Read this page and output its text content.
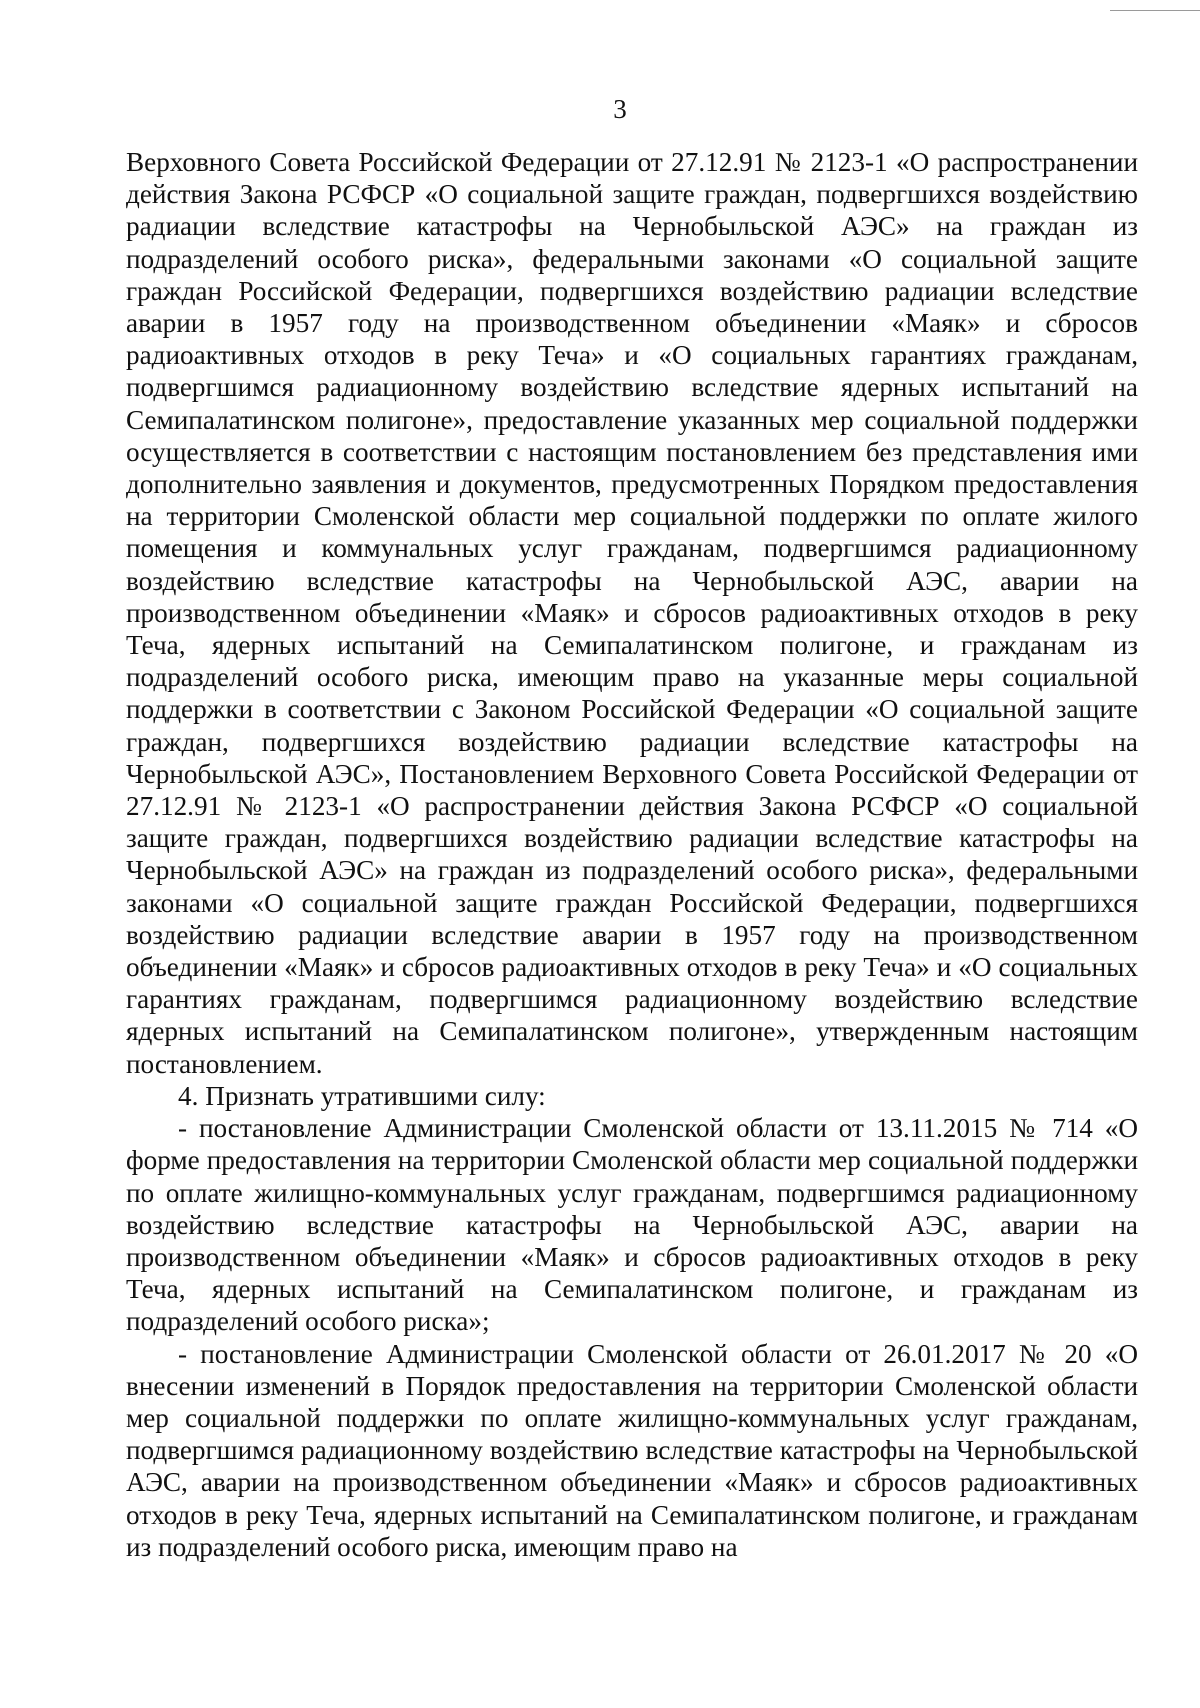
3

Верховного Совета Российской Федерации от 27.12.91 № 2123-1 «О распространении действия Закона РСФСР «О социальной защите граждан, подвергшихся воздействию радиации вследствие катастрофы на Чернобыльской АЭС» на граждан из подразделений особого риска», федеральными законами «О социальной защите граждан Российской Федерации, подвергшихся воздействию радиации вследствие аварии в 1957 году на производственном объединении «Маяк» и сбросов радиоактивных отходов в реку Теча» и «О социальных гарантиях гражданам, подвергшимся радиационному воздействию вследствие ядерных испытаний на Семипалатинском полигоне», предоставление указанных мер социальной поддержки осуществляется в соответствии с настоящим постановлением без представления ими дополнительно заявления и документов, предусмотренных Порядком предоставления на территории Смоленской области мер социальной поддержки по оплате жилого помещения и коммунальных услуг гражданам, подвергшимся радиационному воздействию вследствие катастрофы на Чернобыльской АЭС, аварии на производственном объединении «Маяк» и сбросов радиоактивных отходов в реку Теча, ядерных испытаний на Семипалатинском полигоне, и гражданам из подразделений особого риска, имеющим право на указанные меры социальной поддержки в соответствии с Законом Российской Федерации «О социальной защите граждан, подвергшихся воздействию радиации вследствие катастрофы на Чернобыльской АЭС», Постановлением Верховного Совета Российской Федерации от 27.12.91 № 2123-1 «О распространении действия Закона РСФСР «О социальной защите граждан, подвергшихся воздействию радиации вследствие катастрофы на Чернобыльской АЭС» на граждан из подразделений особого риска», федеральными законами «О социальной защите граждан Российской Федерации, подвергшихся воздействию радиации вследствие аварии в 1957 году на производственном объединении «Маяк» и сбросов радиоактивных отходов в реку Теча» и «О социальных гарантиях гражданам, подвергшимся радиационному воздействию вследствие ядерных испытаний на Семипалатинском полигоне», утвержденным настоящим постановлением.

4. Признать утратившими силу:

- постановление Администрации Смоленской области от 13.11.2015 № 714 «О форме предоставления на территории Смоленской области мер социальной поддержки по оплате жилищно-коммунальных услуг гражданам, подвергшимся радиационному воздействию вследствие катастрофы на Чернобыльской АЭС, аварии на производственном объединении «Маяк» и сбросов радиоактивных отходов в реку Теча, ядерных испытаний на Семипалатинском полигоне, и гражданам из подразделений особого риска»;

- постановление Администрации Смоленской области от 26.01.2017 № 20 «О внесении изменений в Порядок предоставления на территории Смоленской области мер социальной поддержки по оплате жилищно-коммунальных услуг гражданам, подвергшимся радиационному воздействию вследствие катастрофы на Чернобыльской АЭС, аварии на производственном объединении «Маяк» и сбросов радиоактивных отходов в реку Теча, ядерных испытаний на Семипалатинском полигоне, и гражданам из подразделений особого риска, имеющим право на
